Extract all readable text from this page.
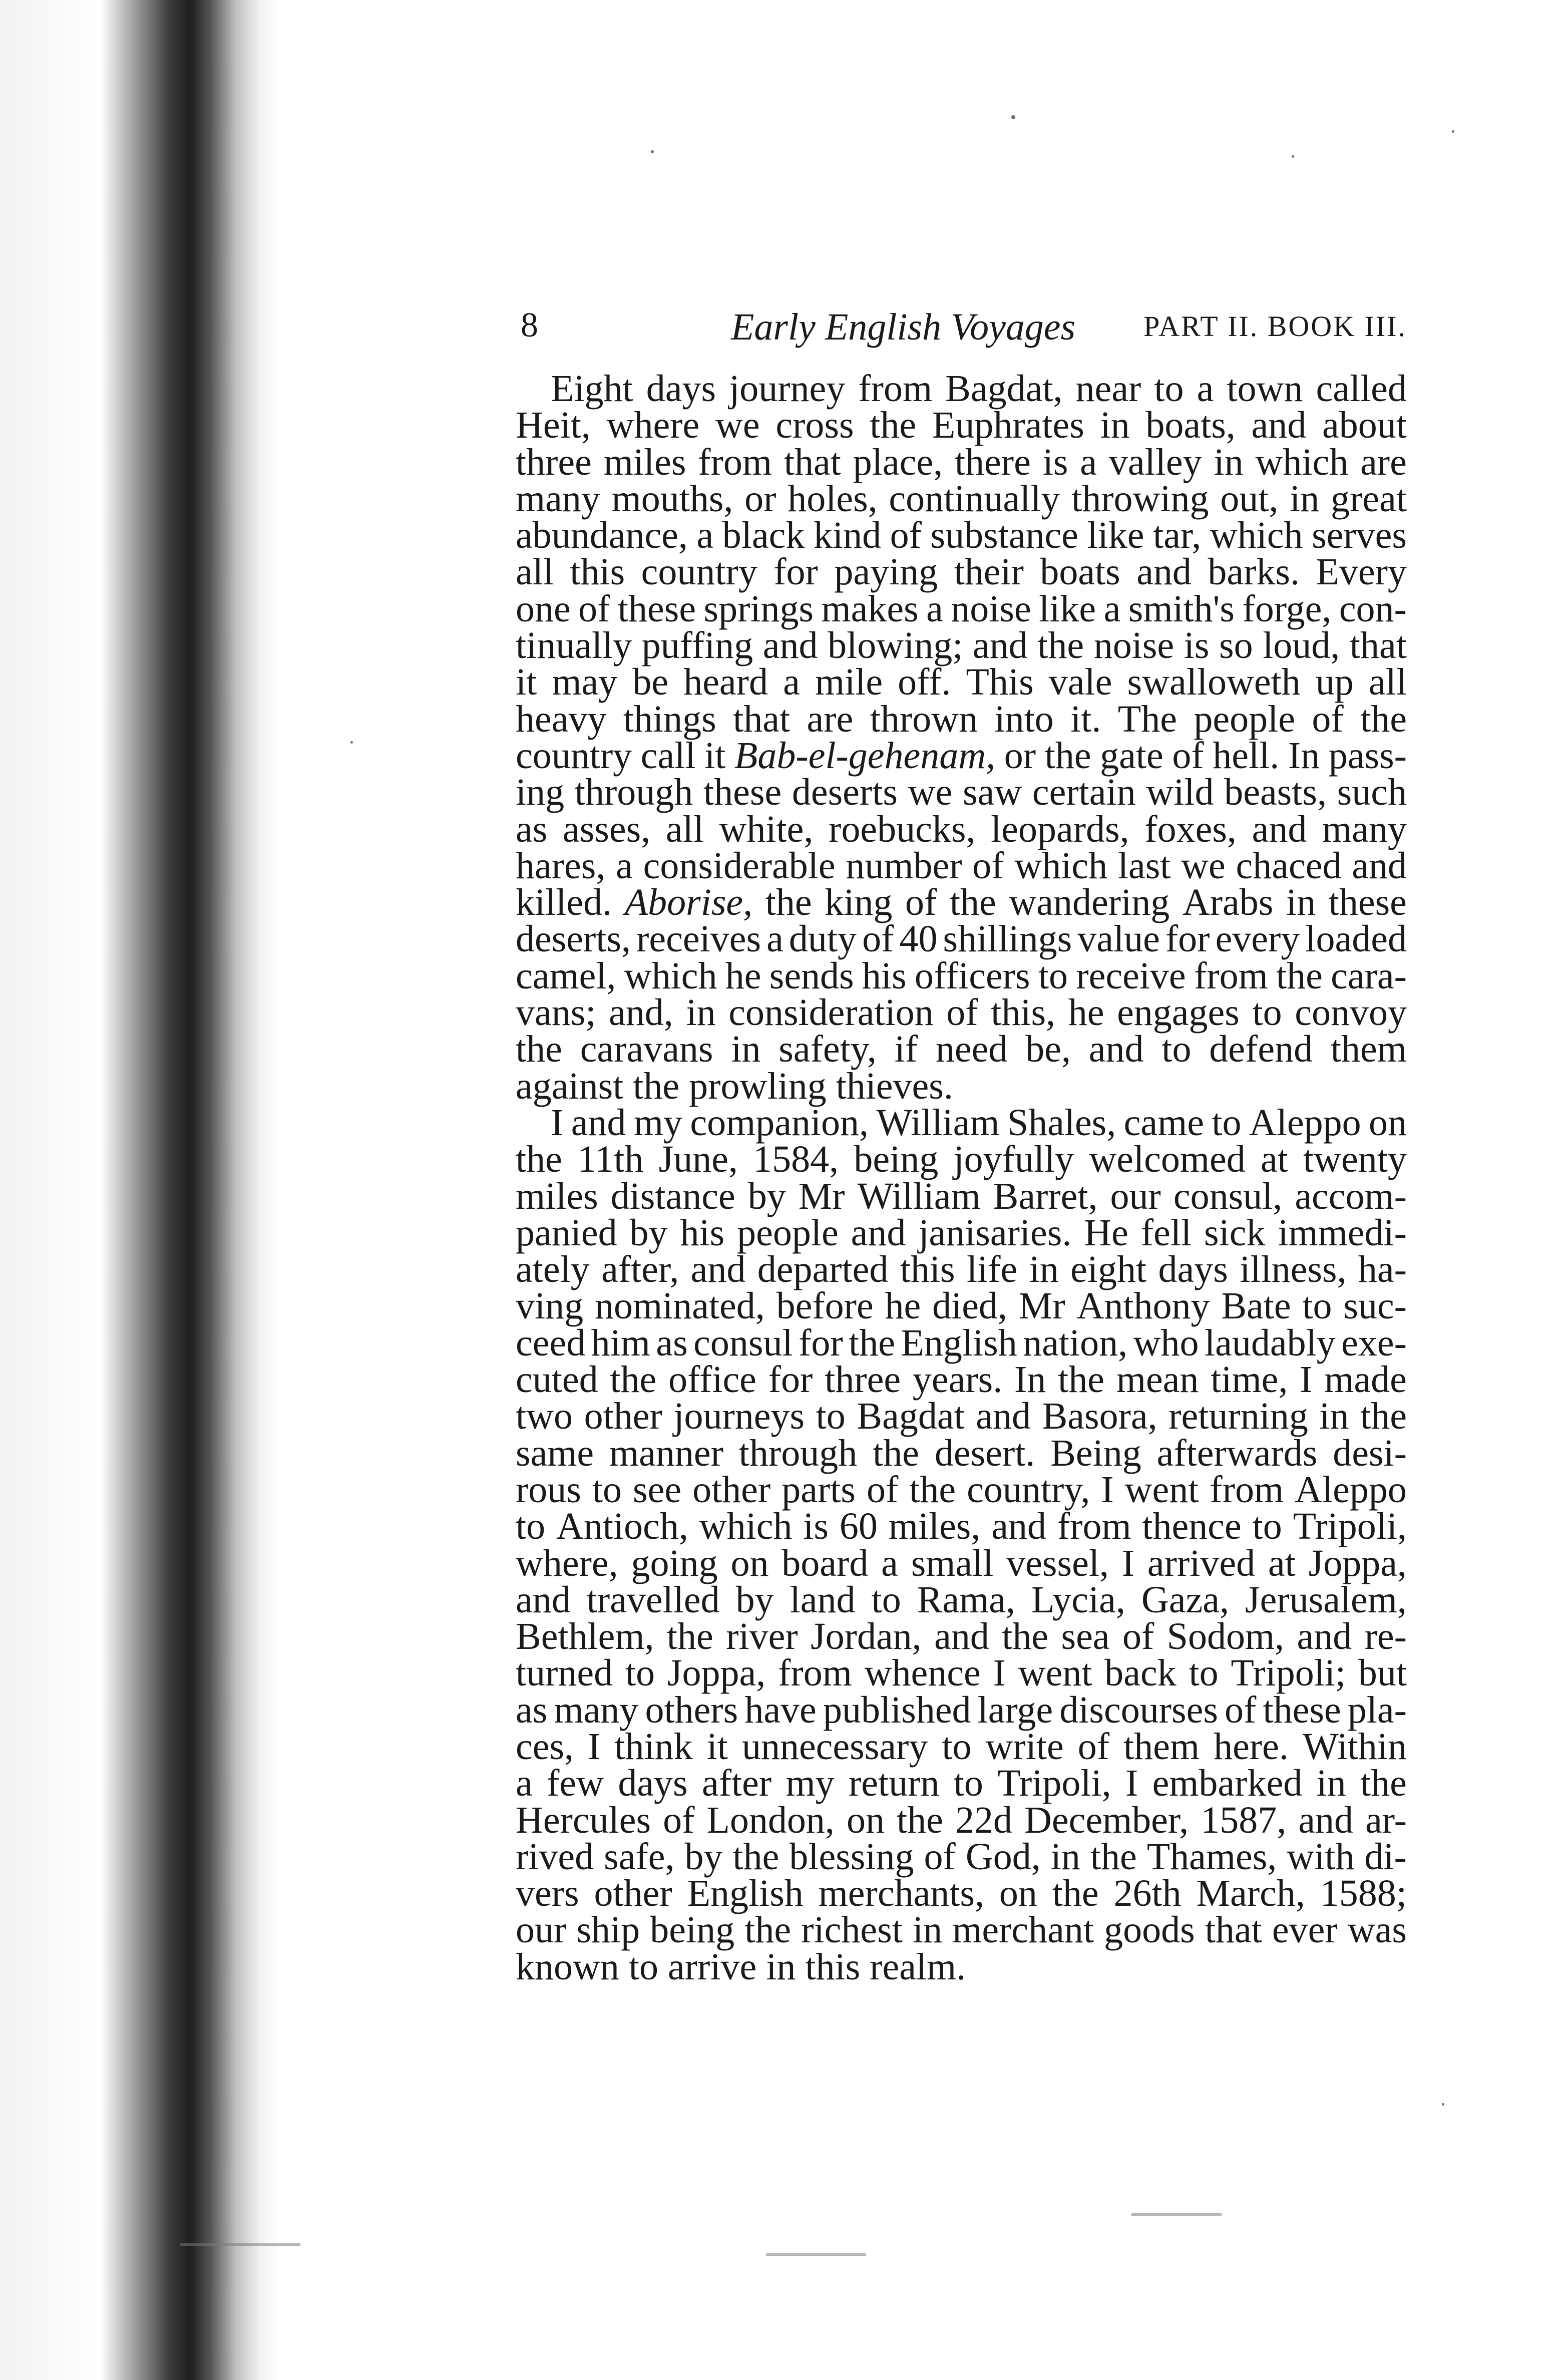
8	Early English Voyages PART II. BOOK III.
Eight days journey from Bagdat, near to a town called
Heit, where we cross the Euphrates in boats, and about
three miles from that place, there is a valley in which are
many mouths, or holes, continually throwing out, in great
abundance, a black kind of substance like tar, which serves
all this country for paying their boats and barks. Every
one of these springs makes a noise like a smith's forge, con-
tinually puffing and blowing; and the noise is so loud, that
it may be heard a mile off. This vale swalloweth up all
heavy things that are thrown into it. The people of the
country call it Bab-el-gehenam, or the gate of hell. In pass-
ing through these deserts we saw certain wild beasts, such
as asses, all white, roebucks, leopards, foxes, and many
hares, a considerable number of which last we chaced and
killed. Aborise, the king of the wandering Arabs in these
deserts, receives a duty of 40 shillings value for every loaded
camel, which he sends his officers to receive from the cara-
vans; and, in consideration of this, he engages to convoy
the caravans in safety, if need be, and to defend them
against the prowling thieves.
I and my companion, William Shales, came to Aleppo on
the 11th June, 1584, being joyfully welcomed at twenty
miles distance by Mr William Barret, our consul, accom-
panied by his people and janisaries. He fell sick immedi-
ately after, and departed this life in eight days illness, ha-
ving nominated, before he died, Mr Anthony Bate to suc-
ceed him as consul for the English nation, who laudably exe-
cuted the office for three years. In the mean time, I made
two other journeys to Bagdat and Basora, returning in the
same manner through the desert. Being afterwards desi-
rous to see other parts of the country, I went from Aleppo
to Antioch, which is 60 miles, and from thence to Tripoli,
where, going on board a small vessel, I arrived at Joppa,
and travelled by land to Rama, Lycia, Gaza, Jerusalem,
Bethlem, the river Jordan, and the sea of Sodom, and re-
turned to Joppa, from whence I went back to Tripoli; but
as many others have published large discourses of these pla-
ces, I think it unnecessary to write of them here. Within
a few days after my return to Tripoli, I embarked in the
Hercules of London, on the 22d December, 1587, and ar-
rived safe, by the blessing of God, in the Thames, with di-
vers other English merchants, on the 26th March, 1588;
our ship being the richest in merchant goods that ever was
known to arrive in this realm.
